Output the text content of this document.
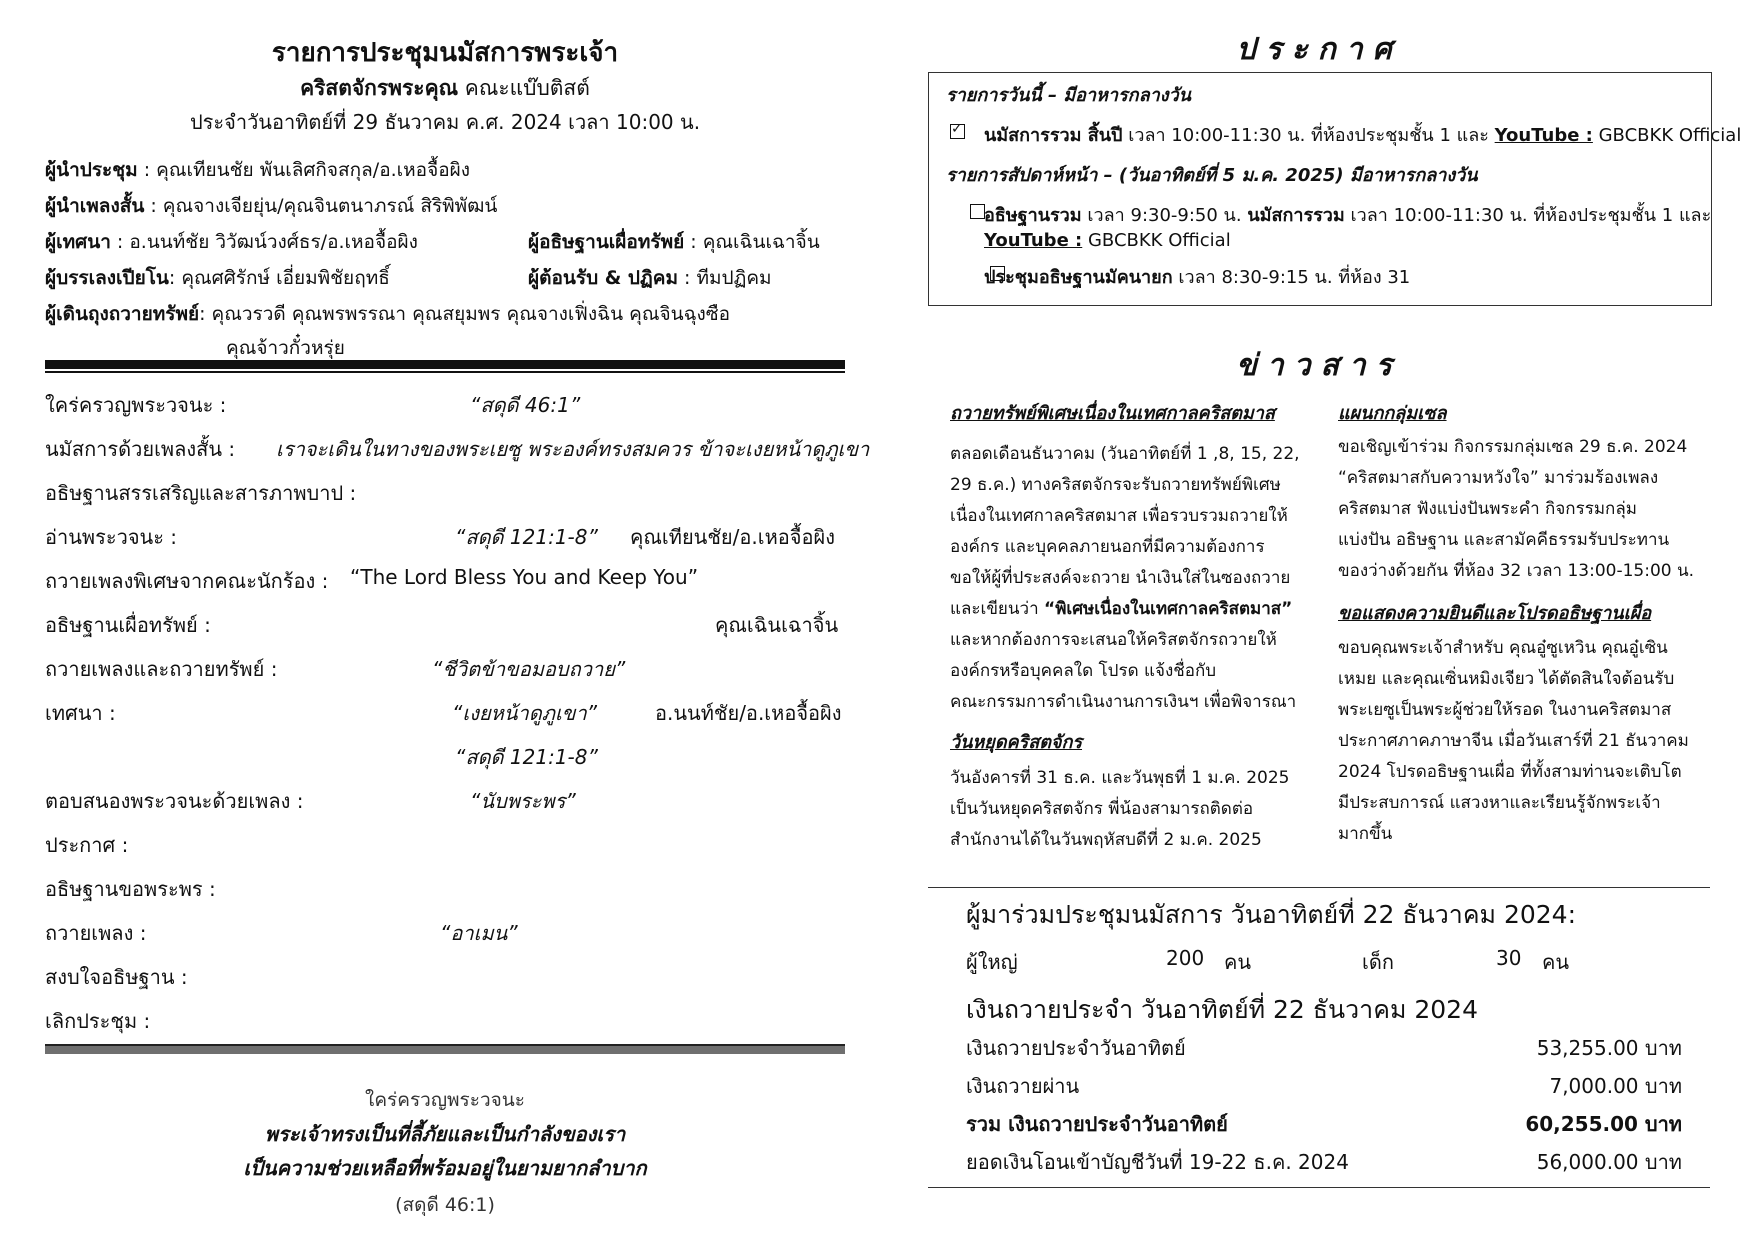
รายการประชุมนมัสการพระเจ้า
คริสตจักรพระคุณ คณะแบ๊บติสต์
ประจำวันอาทิตย์ที่ 29 ธันวาคม ค.ศ. 2024 เวลา 10:00 น.
ผู้นำประชุม : คุณเทียนชัย พันเลิศกิจสกุล/อ.เหอจื้อผิง
ผู้นำเพลงสั้น : คุณจางเจียยุ่น/คุณจินตนาภรณ์ สิริพิพัฒน์
ผู้เทศนา : อ.นนท์ชัย วิวัฒน์วงศ์ธร/อ.เหอจื้อผิง	ผู้อธิษฐานเผื่อทรัพย์ : คุณเฉินเฉาจิ้น
ผู้บรรเลงเปียโน: คุณศศิรักษ์ เอี่ยมพิชัยฤทธิ์	ผู้ต้อนรับ & ปฏิคม : ทีมปฏิคม
ผู้เดินถุงถวายทรัพย์: คุณวรวดี คุณพรพรรณา คุณสยุมพร คุณจางเฟิ่งฉิน คุณจินฉุงซือ
คุณจ้าวกั๋วหรุ่ย
ใคร่ครวญพระวจนะ :	“สดุดี 46:1”
นมัสการด้วยเพลงสั้น : เราจะเดินในทางของพระเยซู พระองค์ทรงสมควร ข้าจะเงยหน้าดูภูเขา
อธิษฐานสรรเสริญและสารภาพบาป :
อ่านพระวจนะ :	“สดุดี 121:1-8” คุณเทียนชัย/อ.เหอจื้อผิง
ถวายเพลงพิเศษจากคณะนักร้อง : “The Lord Bless You and Keep You”
อธิษฐานเผื่อทรัพย์ :	คุณเฉินเฉาจิ้น
ถวายเพลงและถวายทรัพย์ :	“ชีวิตข้าขอมอบถวาย”
เทศนา :	“เงยหน้าดูภูเขา”	อ.นนท์ชัย/อ.เหอจื้อผิง
“สดุดี 121:1-8”
ตอบสนองพระวจนะด้วยเพลง :	“นับพระพร”
ประกาศ :
อธิษฐานขอพระพร :
ถวายเพลง :	“อาเมน”
สงบใจอธิษฐาน :
เลิกประชุม :
ใคร่ครวญพระวจนะ
พระเจ้าทรงเป็นที่ลี้ภัยและเป็นกำลังของเรา
เป็นความช่วยเหลือที่พร้อมอยู่ในยามยากลำบาก
(สดุดี 46:1)
ประกาศ
รายการวันนี้ – มีอาหารกลางวัน
✓
นมัสการรวม สิ้นปี เวลา 10:00-11:30 น. ที่ห้องประชุมชั้น 1 และ YouTube : GBCBKK Official
รายการสัปดาห์หน้า – (วันอาทิตย์ที่ 5 ม.ค. 2025) มีอาหารกลางวัน

อธิษฐานรวม เวลา 9:30-9:50 น. นมัสการรวม เวลา 10:00-11:30 น. ที่ห้องประชุมชั้น 1 และ
YouTube : GBCBKK Official
ประชุมอธิษฐานมัคนายก เวลา 8:30-9:15 น. ที่ห้อง 31
ข่าวสาร
ถวายทรัพย์พิเศษเนื่องในเทศกาลคริสตมาส
ตลอดเดือนธันวาคม (วันอาทิตย์ที่ 1 ,8, 15, 22,
29 ธ.ค.) ทางคริสตจักรจะรับถวายทรัพย์พิเศษ
เนื่องในเทศกาลคริสตมาส เพื่อรวบรวมถวายให้
องค์กร และบุคคลภายนอกที่มีความต้องการ
ขอให้ผู้ที่ประสงค์จะถวาย นำเงินใส่ในซองถวาย
และเขียนว่า “พิเศษเนื่องในเทศกาลคริสตมาส”
และหากต้องการจะเสนอให้คริสตจักรถวายให้
องค์กรหรือบุคคลใด โปรด แจ้งชื่อกับ
คณะกรรมการดำเนินงานการเงินฯ เพื่อพิจารณา
วันหยุดคริสตจักร
วันอังคารที่ 31 ธ.ค. และวันพุธที่ 1 ม.ค. 2025
เป็นวันหยุดคริสตจักร พี่น้องสามารถติดต่อ
สำนักงานได้ในวันพฤหัสบดีที่ 2 ม.ค. 2025
แผนกกลุ่มเซล
ขอเชิญเข้าร่วม กิจกรรมกลุ่มเซล 29 ธ.ค. 2024
“คริสตมาสกับความหวังใจ” มาร่วมร้องเพลง
คริสตมาส ฟังแบ่งปันพระคำ กิจกรรมกลุ่ม
แบ่งปัน อธิษฐาน และสามัคคีธรรมรับประทาน
ของว่างด้วยกัน ที่ห้อง 32 เวลา 13:00-15:00 น.
ขอแสดงความยินดีและโปรดอธิษฐานเผื่อ
ขอบคุณพระเจ้าสำหรับ คุณอู๋ซูเหวิน คุณอู๋เซิน
เหมย และคุณเซิ่นหมิงเจียว ได้ตัดสินใจต้อนรับ
พระเยซูเป็นพระผู้ช่วยให้รอด ในงานคริสตมาส
ประกาศภาคภาษาจีน เมื่อวันเสาร์ที่ 21 ธันวาคม
2024 โปรดอธิษฐานเผื่อ ที่ทั้งสามท่านจะเติบโต
มีประสบการณ์ แสวงหาและเรียนรู้จักพระเจ้า
มากขึ้น
ผู้มาร่วมประชุมนมัสการ วันอาทิตย์ที่ 22 ธันวาคม 2024:
ผู้ใหญ่	200 คน	เด็ก	30 คน
เงินถวายประจำ วันอาทิตย์ที่ 22 ธันวาคม 2024
เงินถวายประจำวันอาทิตย์	53,255.00 บาท
เงินถวายผ่าน	7,000.00 บาท
รวม เงินถวายประจำวันอาทิตย์	60,255.00 บาท
ยอดเงินโอนเข้าบัญชีวันที่ 19-22 ธ.ค. 2024	56,000.00 บาท
